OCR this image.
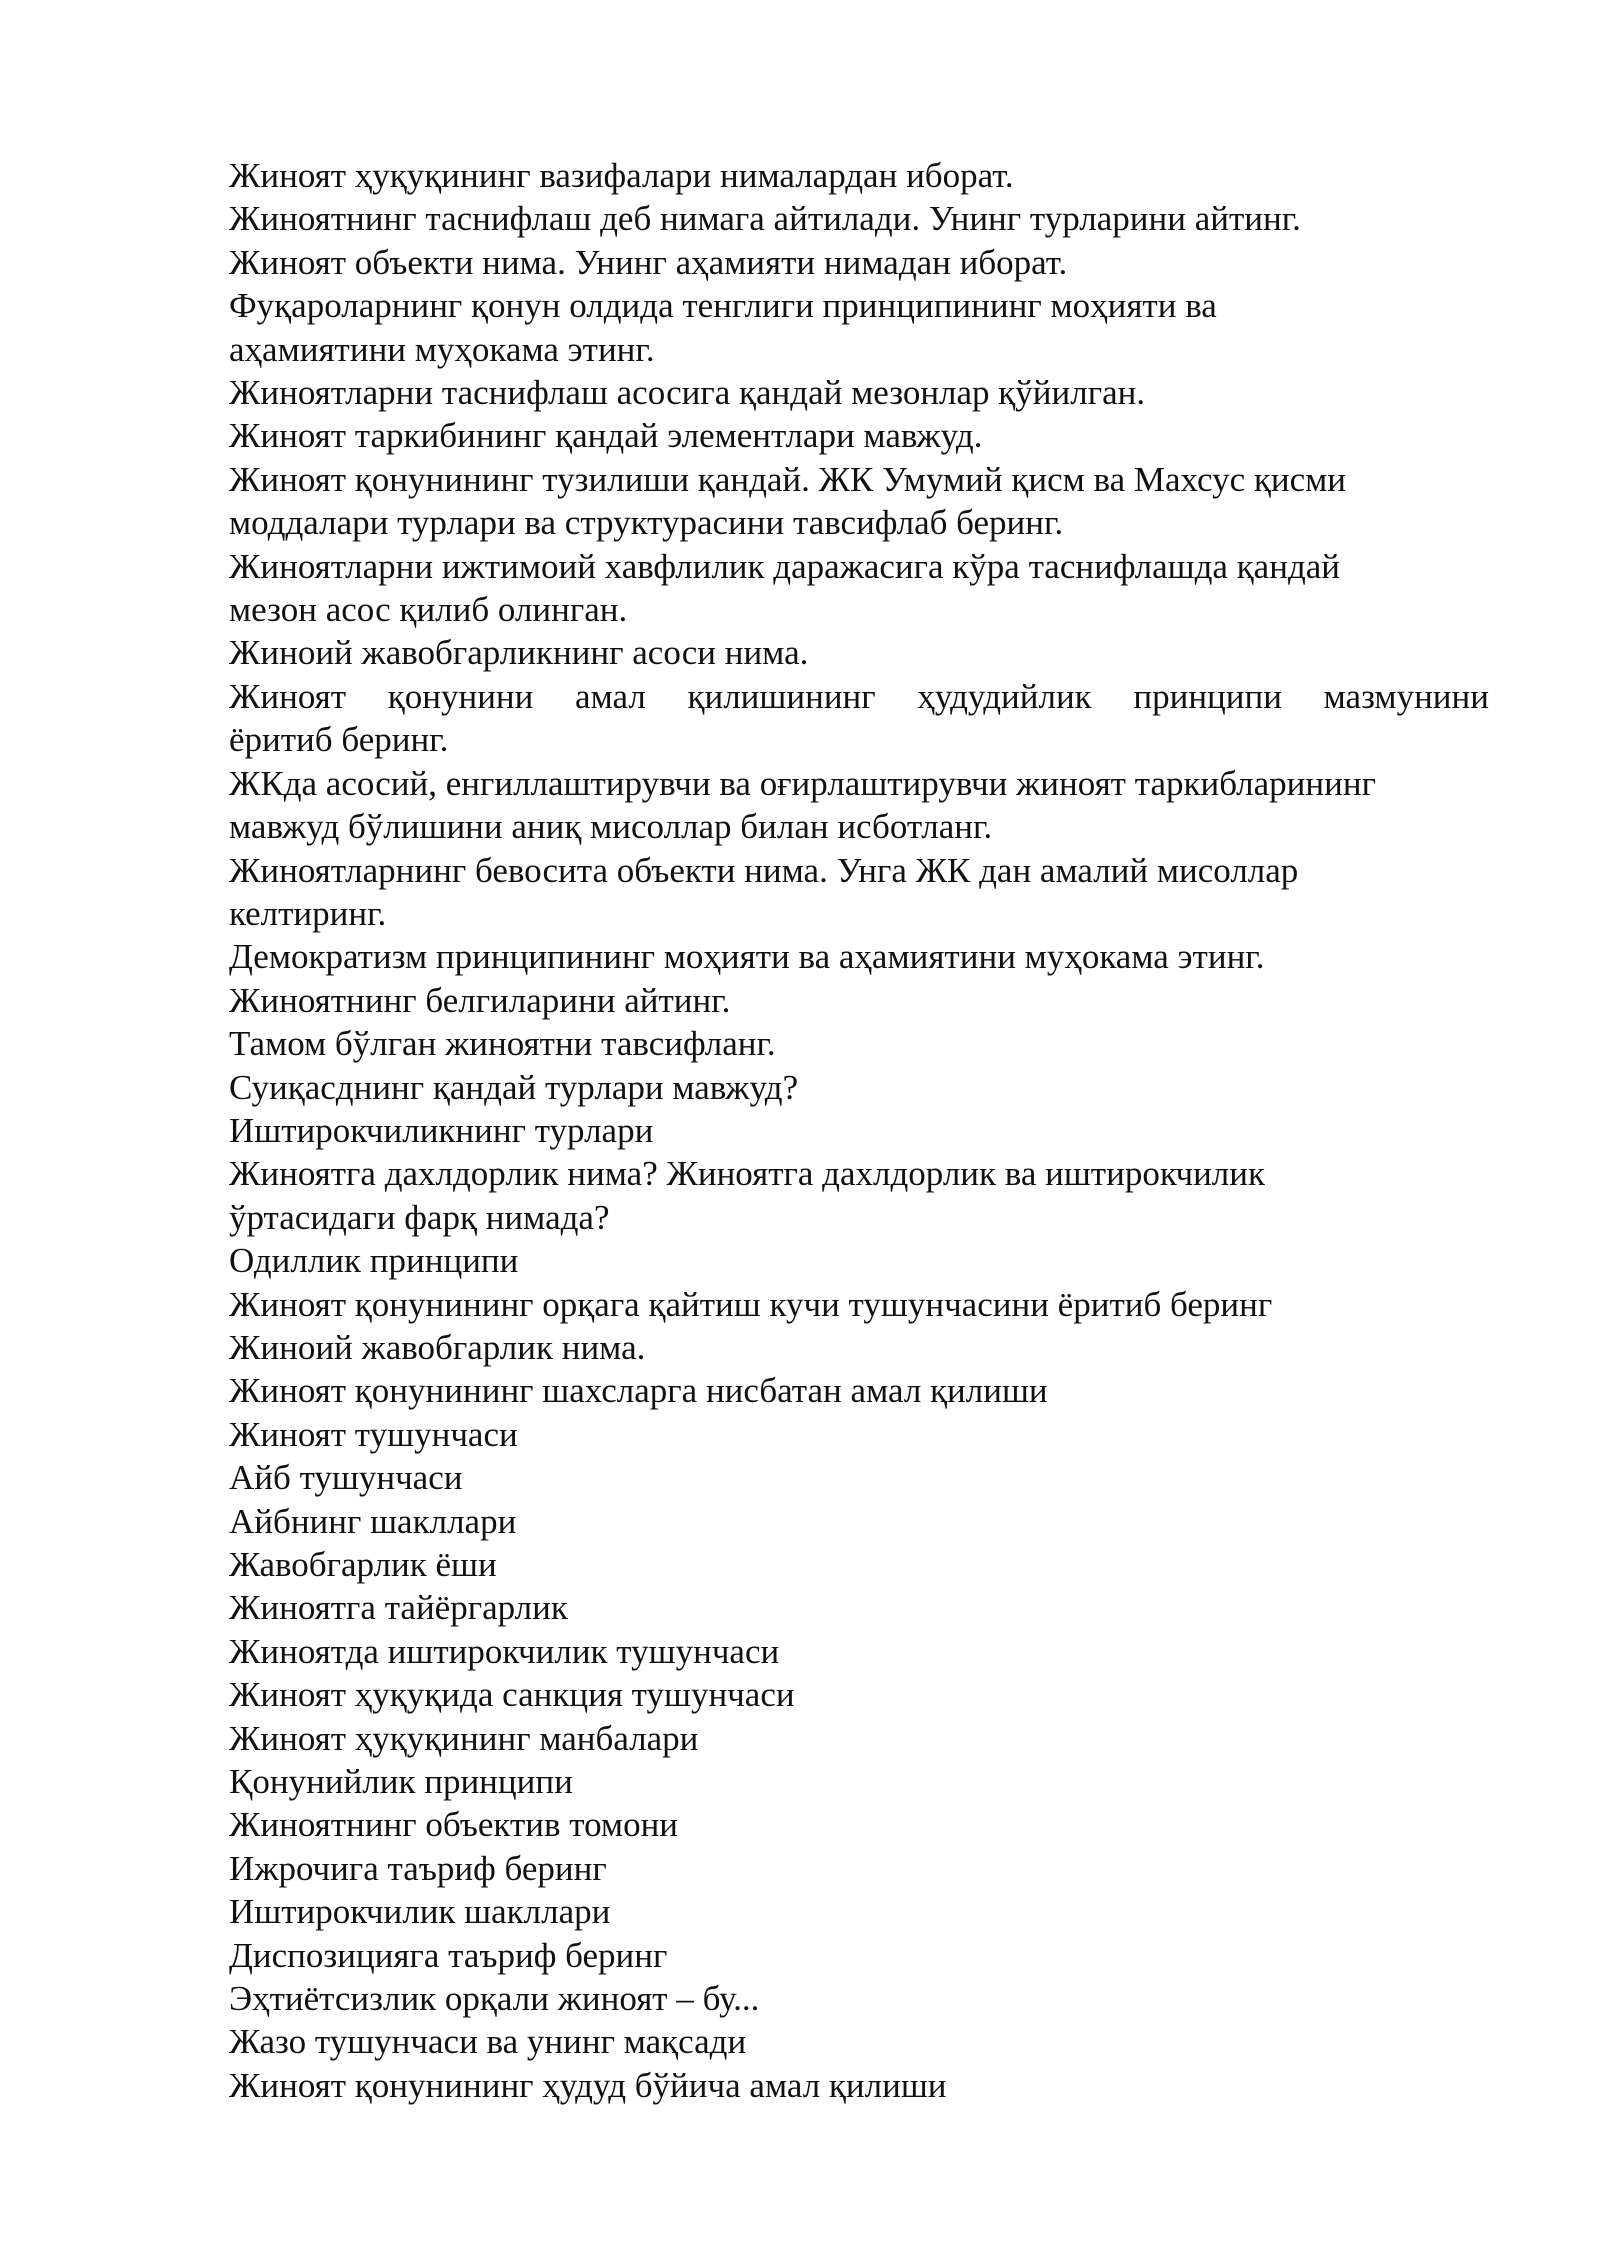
Жиноят ҳуқуқининг вазифалари нималардан иборат.
Жиноятнинг таснифлаш деб нимага айтилади. Унинг турларини айтинг.
Жиноят объекти нима. Унинг аҳамияти нимадан иборат.
Фуқароларнинг қонун олдида тенглиги принципининг моҳияти ва
аҳамиятини муҳокама этинг.
Жиноятларни таснифлаш асосига қандай мезонлар қўйилган.
Жиноят таркибининг қандай элементлари мавжуд.
Жиноят қонунининг тузилиши қандай. ЖК Умумий қисм ва Махсус қисми
моддалари турлари ва структурасини тавсифлаб беринг.
Жиноятларни ижтимоий хавфлилик даражасига кўра таснифлашда қандай
мезон асос қилиб олинган.
Жиноий жавобгарликнинг асоси нима.
Жиноят қонунини амал қилишининг ҳудудийлик принципи мазмунини
ёритиб беринг.
ЖКда асосий, енгиллаштирувчи ва оғирлаштирувчи жиноят таркибларининг
мавжуд бўлишини аниқ мисоллар билан исботланг.
Жиноятларнинг бевосита объекти нима. Унга ЖК дан амалий мисоллар
келтиринг.
Демократизм принципининг моҳияти ва аҳамиятини муҳокама этинг.
Жиноятнинг белгиларини айтинг.
Тамом бўлган жиноятни тавсифланг.
Суиқасднинг қандай турлари мавжуд?
Иштирокчиликнинг турлари
Жиноятга дахлдорлик нима? Жиноятга дахлдорлик ва иштирокчилик
ўртасидаги фарқ нимада?
Одиллик принципи
Жиноят қонунининг орқага қайтиш кучи тушунчасини ёритиб беринг
Жиноий жавобгарлик нима.
Жиноят қонунининг шахсларга нисбатан амал қилиши
Жиноят тушунчаси
Айб тушунчаси
Айбнинг шакллари
Жавобгарлик ёши
Жиноятга тайёргарлик
Жиноятда иштирокчилик тушунчаси
Жиноят ҳуқуқида санкция тушунчаси
Жиноят ҳуқуқининг манбалари
Қонунийлик принципи
Жиноятнинг объектив томони
Ижрочига таъриф беринг
Иштирокчилик шакллари
Диспозицияга таъриф беринг
Эҳтиётсизлик орқали жиноят – бу...
Жазо тушунчаси ва унинг мақсади
Жиноят қонунининг ҳудуд бўйича амал қилиши
